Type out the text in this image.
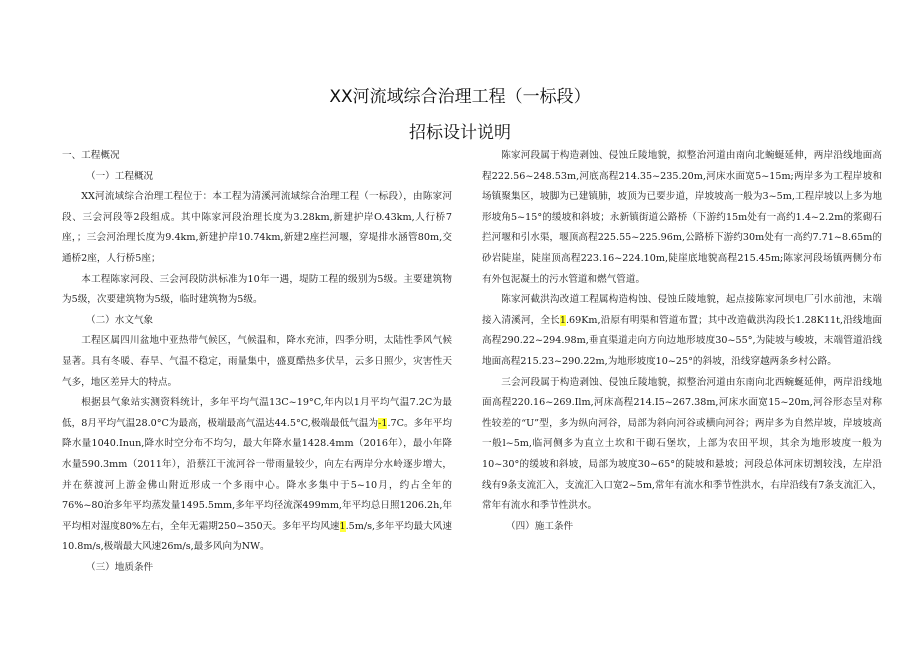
XX河流域综合治理工程（一标段）
招标设计说明

一、工程概况

（一）工程概况

XX河流域综合治理工程位于：本工程为清溪河流域综合治理工程（一标段），由陈家河段、三会河段等2段组成。其中陈家河段治理长度为3.28km,新建护岸O.43km,人行桥7座，；三会河治理长度为9.4km,新建护岸10.74km,新建2座拦河堰，穿堤排水涵管80m,交通桥2座，人行桥5座；

本工程陈家河段、三会河段防洪标准为10年一遇，堤防工程的级别为5级。主要建筑物为5级，次要建筑物为5级，临时建筑物为5级。

（二）水文气象

工程区属四川盆地中亚热带气候区，气候温和，降水充沛，四季分明，太陆性季风气候显著。具有冬暖、春旱、气温不稳定，雨量集中，盛夏酷热多伏旱，云多日照少，灾害性天气多，地区差异大的特点。

根据县气象站实测资料统计，多年平均气温13C~19°C,年内以1月平均气温7.2C为最低，8月平均气温28.0°C为最高，极端最高气温达44.5°C,极端最低气温为-1.7C。多年平均降水量1040.Inun,降水时空分布不均匀，最大年降水量1428.4mm（2016年），最小年降水量590.3mm（2011年），沿蔡江干流河谷一带雨量较少，向左右两岸分水岭逐步增大，并在蔡渡河上游金佛山附近形成一个多雨中心。降水多集中于5~10月，约占全年的76%~80治多年平均蒸发量1495.5mm,多年平均径流深499mm,年平均总日照1206.2h,年平均相对湿度80%左右，全年无霜期250~350天。多年平均风速1.5m/s,多年平均最大风速10.8m/s,极端最大风速26m/s,最多风向为NW。

（三）地质条件

陈家河段属于构造剥蚀、侵蚀丘陵地貌，拟整治河道由南向北蜿蜒延伸，两岸沿线地面高程222.56~248.53m,河底高程214.35~235.20m,河床水面宽5~15m;两岸多为工程岸坡和场镇聚集区，坡脚为已建镇肺，坡顶为已要步道，岸坡坡高一般为3~5m,工程岸坡以上多为地形坡角5~15°的缓坡和斜坡；永新镇街道公路桥（下游约15m处有一高约1.4~2.2m的浆砌石拦河堰和引水渠，堰顶高程225.55~225.96m,公路桥下游约30m处有一高约7.71~8.65m的砂岩陡崖，陡崖顶高程223.16~224.10m,陡崖底地貌高程215.45m;陈家河段场镇两侧分布有外包泥凝土的污水管道和燃气管道。

陈家河截洪沟改道工程属构造构蚀、侵蚀丘陵地貌，起点接陈家河坝电厂引水前池，末端接入清溪河，全长1.69Km,沿原有明渠和管道布置；其中改造截洪沟段长1.28K11t,沿线地面高程290.22~294.98m,垂直渠道走向方向边地形坡度30~55°,为陡坡与峻坡，末端管道沿线地面高程215.23~290.22m,为地形坡度10~25°的斜坡，沿线穿越两条乡村公路。

三会河段属于构造剥蚀、侵蚀丘陵地貌，拟整治河道由东南向北西蜿蜒延伸，两岸沿线地面高程220.16~269.Ilm,河床高程214.I5~267.38m,河床水面宽15~20m,河谷形态呈对称性较差的“U”型，多为纵向河谷，局部为斜向河谷或横向河谷；两岸多为自然岸坡，岸坡坡高一般l~5m,临河侧多为直立土坎和干砌石堡坎，上部为农田平坝，其余为地形坡度一般为10~30°的缓坡和斜坡，局部为坡度30~65°的陡坡和悬坡；河段总体河床切割较浅，左岸沿线有9条支流汇入，支流汇入口宽2~5m,常年有流水和季节性洪水，右岸沿线有7条支流汇入，常年有流水和季节性洪水。

（四）施工条件
